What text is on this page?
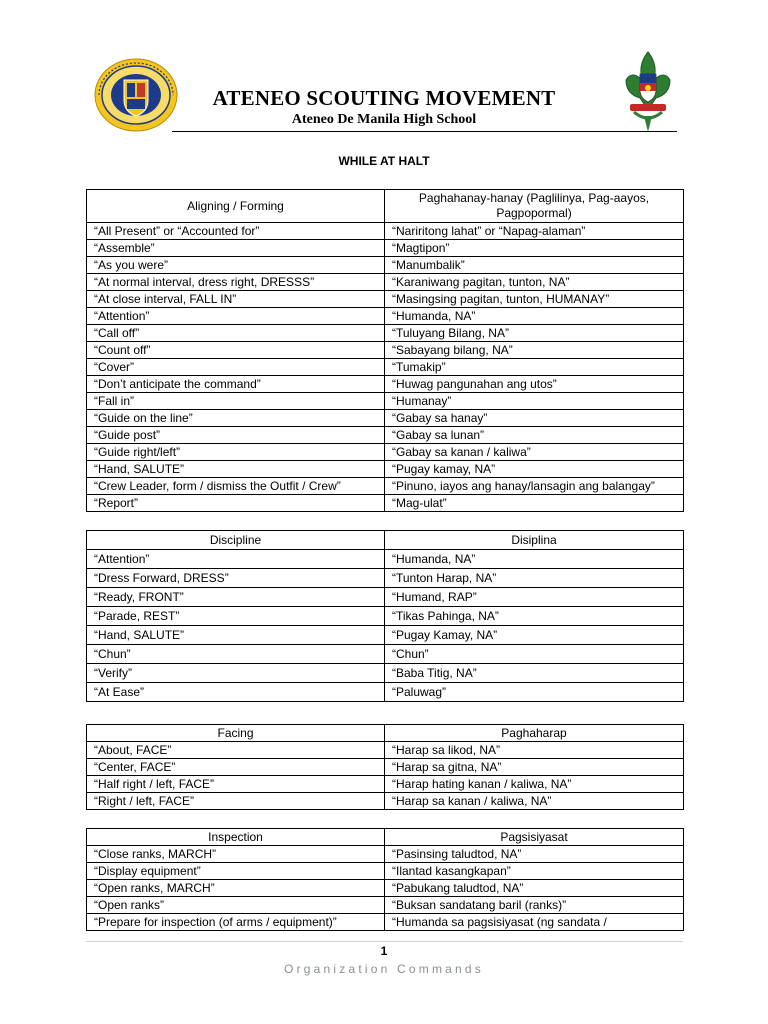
ATENEO SCOUTING MOVEMENT
Ateneo De Manila High School
WHILE AT HALT
Aligning / Forming	Paghahanay-hanay (Paglilinya, Pag-aayos, Pagpopormal)
“All Present” or “Accounted for”	“Nariritong lahat” or “Napag-alaman”
“Assemble”	“Magtipon”
“As you were”	“Manumbalik”
“At normal interval, dress right, DRESSS”	“Karaniwang pagitan, tunton, NA”
“At close interval, FALL IN”	“Masingsing pagitan, tunton, HUMANAY”
“Attention”	“Humanda, NA”
“Call off”	“Tuluyang Bilang, NA”
“Count off”	“Sabayang bilang, NA”
“Cover”	“Tumakip”
“Don’t anticipate the command”	“Huwag pangunahan ang utos”
“Fall in”	“Humanay”
“Guide on the line”	“Gabay sa hanay”
“Guide post”	“Gabay sa lunan”
“Guide right/left”	“Gabay sa kanan / kaliwa”
“Hand, SALUTE”	“Pugay kamay, NA”
“Crew Leader, form / dismiss the Outfit / Crew”	“Pinuno, iayos ang hanay/lansagin ang balangay”
“Report”	“Mag-ulat”
Discipline	Disiplina
“Attention”	“Humanda, NA”
“Dress Forward, DRESS”	“Tunton Harap, NA”
“Ready, FRONT”	“Humand, RAP”
“Parade, REST”	“Tikas Pahinga, NA”
“Hand, SALUTE”	“Pugay Kamay, NA”
“Chun”	“Chun”
“Verify”	“Baba Titig, NA”
“At Ease”	“Paluwag”
Facing	Paghaharap
“About, FACE”	“Harap sa likod, NA”
“Center, FACE”	“Harap sa gitna, NA”
“Half right / left, FACE”	“Harap hating kanan / kaliwa, NA”
“Right / left, FACE”	“Harap sa kanan / kaliwa, NA”
Inspection	Pagsisiyasat
“Close ranks, MARCH”	“Pasinsing taludtod, NA”
“Display equipment”	“Ilantad kasangkapan”
“Open ranks, MARCH”	“Pabukang taludtod, NA”
“Open ranks”	“Buksan sandatang baril (ranks)”
“Prepare for inspection (of arms / equipment)”	“Humanda sa pagsisiyasat (ng sandata /
1
Organization Commands
